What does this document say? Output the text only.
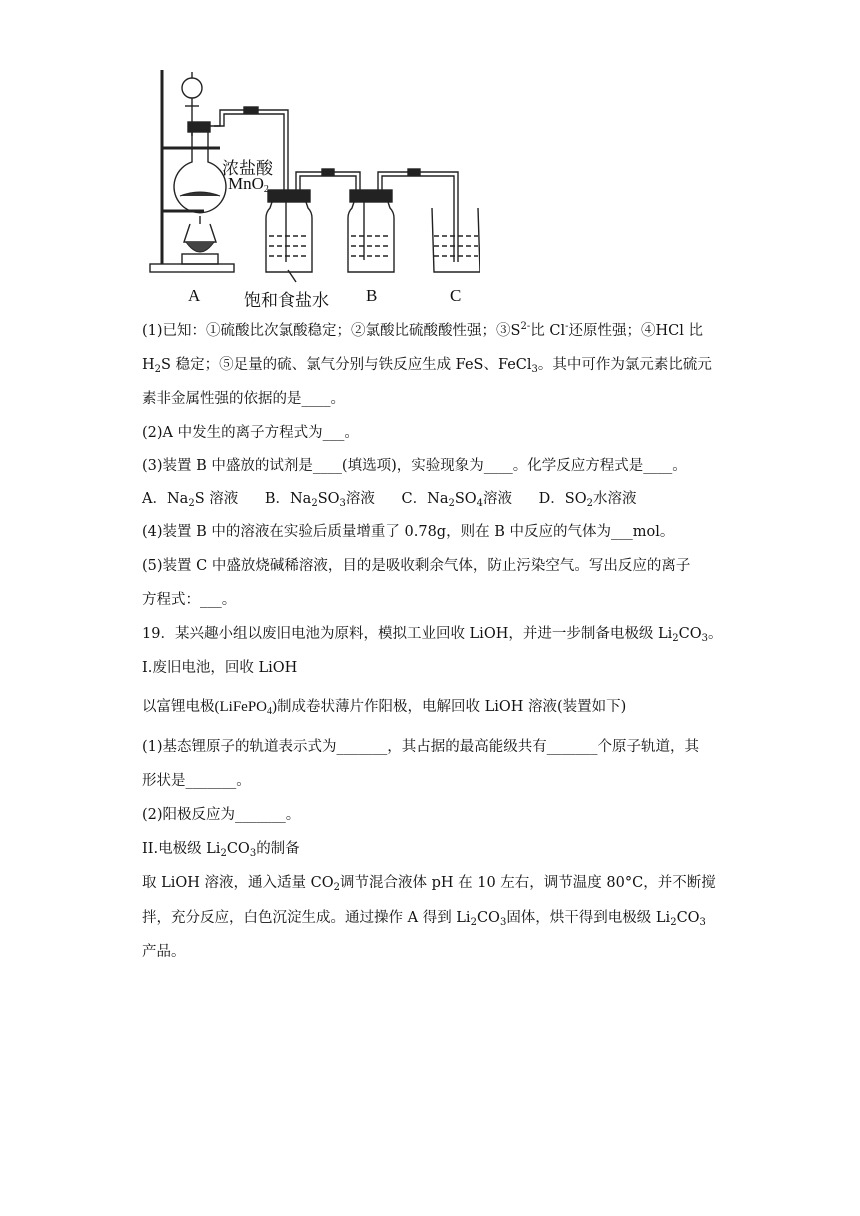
浓盐酸
MnO$_2$
A	饱和食盐水 B	C
(1)已知：①硫酸比次氯酸稳定；②氯酸比硫酸酸性强；$③S^{2-}$比 Cl-还原性强；④HCl 比
$H_2S$ 稳定；⑤足量的硫、氯气分别与铁反应生成 FeS、FeCl$_3$。其中可作为氯元素比硫元
素非金属性强的依据的是____。
(2)A 中发生的离子方程式为___。
(3)装置 B 中盛放的试剂是____(填选项)，实验现象为____。化学反应方程式是____。
A．$Na_2S$ 溶液 B．$Na_2SO_3$溶液 C．$Na_2SO_4$溶液 D．$SO_2$水溶液
(4)装置 B 中的溶液在实验后质量增重了 0.78g，则在 B 中反应的气体为___mol。
(5)装置 C 中盛放烧碱稀溶液，目的是吸收剩余气体，防止污染空气。写出反应的离子
方程式：___。
19．某兴趣小组以废旧电池为原料，模拟工业回收 LiOH，并进一步制备电极级 $Li_2CO_3$。
I.废旧电池，回收 LiOH
以富锂电极(LiFePO$_4$)制成卷状薄片作阳极，电解回收 LiOH 溶液(装置如下)
(1)基态锂原子的轨道表示式为_______，其占据的最高能级共有_______个原子轨道，其
形状是_______。
(2)阳极反应为_______。
II.电极级 $Li_2CO_3$的制备
取 LiOH 溶液，通入适量 $CO_2$调节混合液体 pH 在 10 左右，调节温度 80°C，并不断搅
拌，充分反应，白色沉淀生成。通过操作 A 得到 $Li_2CO_3$固体，烘干得到电极级 $Li_2CO_3$
产品。
